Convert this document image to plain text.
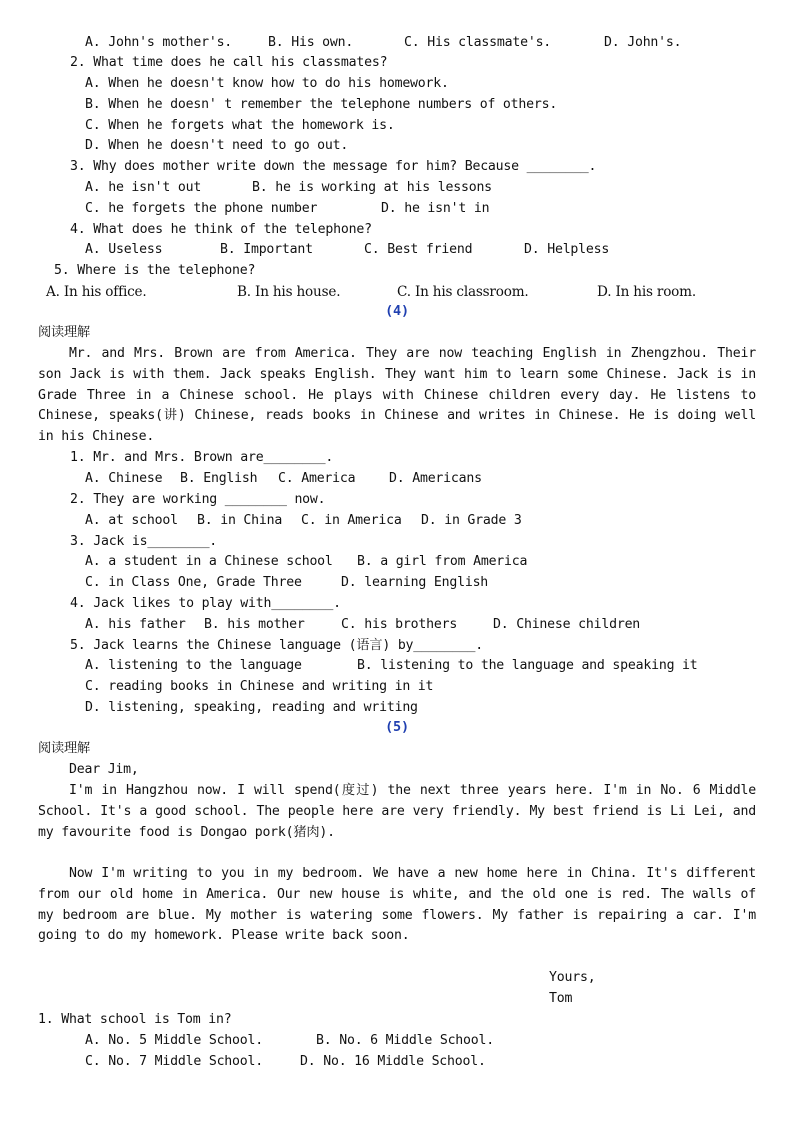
A. John's mother's.	B. His own.	C. His classmate's.	D. John's.
2. What time does he call his classmates?
A. When he doesn't know how to do his homework.
B. When he doesn' t remember the telephone numbers of others.
C. When he forgets what the homework is.
D. When he doesn't need to go out.
3. Why does mother write down the message for him? Because ________.
A. he isn't out	B. he is working at his lessons
C. he forgets the phone number	D. he isn't in
4. What does he think of the telephone?
A. Useless	B. Important	C. Best friend	D. Helpless
5. Where is the telephone?
A. In his office.	B. In his house.	C. In his classroom.	D. In his room.
(4)
阅读理解
Mr. and Mrs. Brown are from America. They are now teaching English in Zhengzhou. Their son Jack is with them. Jack speaks English. They want him to learn some Chinese. Jack is in Grade Three in a Chinese school. He plays with Chinese children every day. He listens to Chinese, speaks(讲) Chinese, reads books in Chinese and writes in Chinese. He is doing well in his Chinese.
1. Mr. and Mrs. Brown are________.
A. Chinese B. English C. America	D. Americans
2. They are working ________ now.
A. at school B. in China C. in America D. in Grade 3
3. Jack is________.
A. a student in a Chinese school B. a girl from America
C. in Class One, Grade Three	D. learning English
4. Jack likes to play with________.
A. his father B. his mother	C. his brothers	D. Chinese children
5. Jack learns the Chinese language (语言) by________.
A. listening to the language	B. listening to the language and speaking it
C. reading books in Chinese and writing in it
D. listening, speaking, reading and writing
(5)
阅读理解
Dear Jim,
I'm in Hangzhou now. I will spend(度过) the next three years here. I'm in No. 6 Middle School. It's a good school. The people here are very friendly. My best friend is Li Lei, and my favourite food is Dongao pork(猪肉).
Now I'm writing to you in my bedroom. We have a new home here in China. It's different from our old home in America. Our new house is white, and the old one is red. The walls of my bedroom are blue. My mother is watering some flowers. My father is repairing a car. I'm going to do my homework. Please write back soon.
Yours,
Tom
1. What school is Tom in?
A. No. 5 Middle School.	B. No. 6 Middle School.
C. No. 7 Middle School.	D. No. 16 Middle School.
